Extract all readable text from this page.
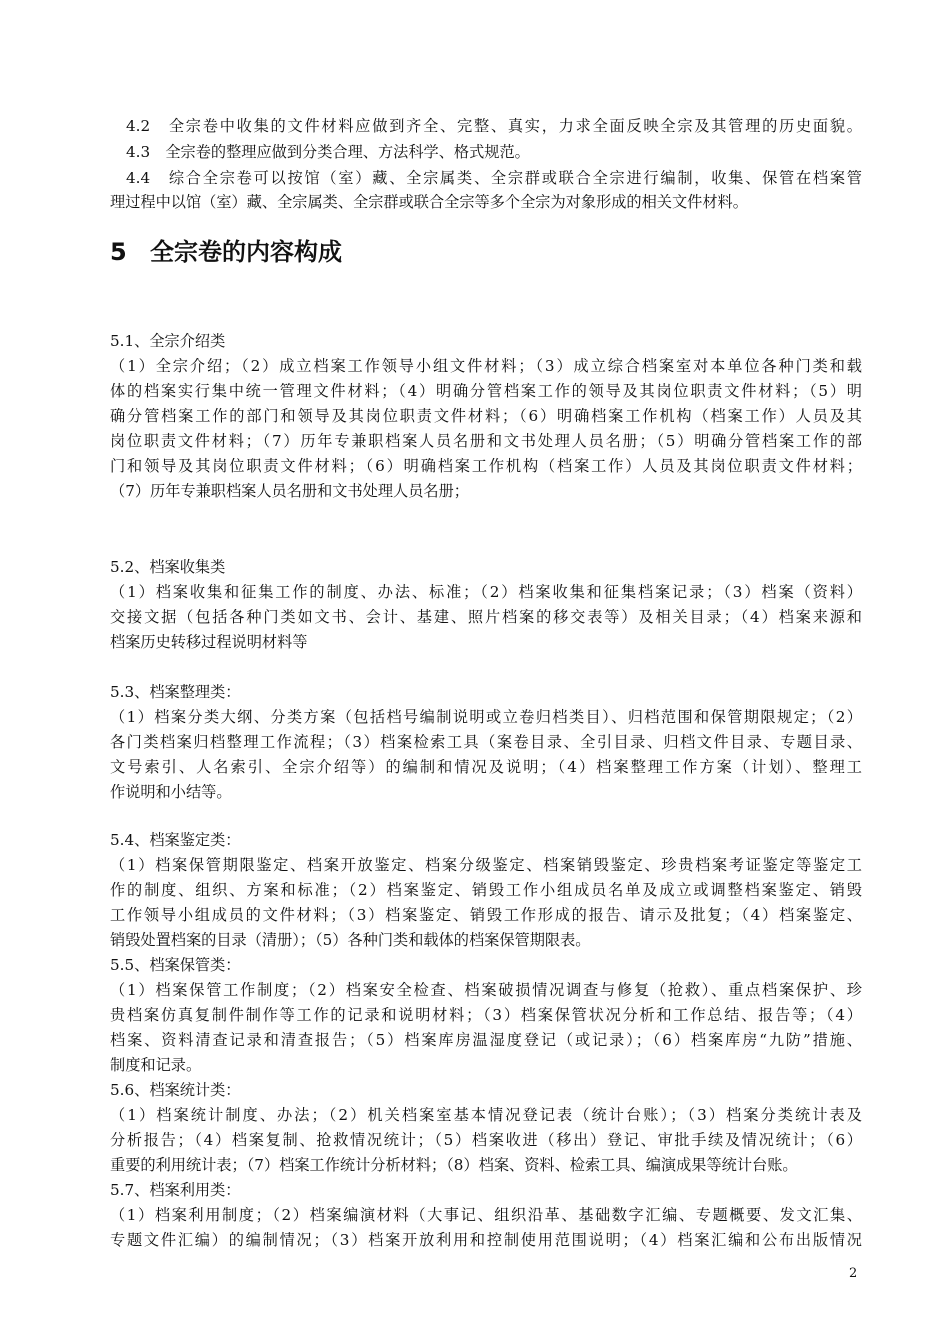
4.2　全宗卷中收集的文件材料应做到齐全、完整、真实，力求全面反映全宗及其管理的历史面貌。
4.3　全宗卷的整理应做到分类合理、方法科学、格式规范。
4.4　综合全宗卷可以按馆（室）藏、全宗属类、全宗群或联合全宗进行编制，收集、保管在档案管
理过程中以馆（室）藏、全宗属类、全宗群或联合全宗等多个全宗为对象形成的相关文件材料。
5 全宗卷的内容构成
5.1、全宗介绍类
（1）全宗介绍；（2）成立档案工作领导小组文件材料；（3）成立综合档案室对本单位各种门类和载
体的档案实行集中统一管理文件材料；（4）明确分管档案工作的领导及其岗位职责文件材料；（5）明
确分管档案工作的部门和领导及其岗位职责文件材料；（6）明确档案工作机构（档案工作）人员及其
岗位职责文件材料；（7）历年专兼职档案人员名册和文书处理人员名册；（5）明确分管档案工作的部
门和领导及其岗位职责文件材料；（6）明确档案工作机构（档案工作）人员及其岗位职责文件材料；
（7）历年专兼职档案人员名册和文书处理人员名册；
5.2、档案收集类
（1）档案收集和征集工作的制度、办法、标准；（2）档案收集和征集档案记录；（3）档案（资料）
交接文据（包括各种门类如文书、会计、基建、照片档案的移交表等）及相关目录；（4）档案来源和
档案历史转移过程说明材料等
5.3、档案整理类：
（1）档案分类大纲、分类方案（包括档号编制说明或立卷归档类目）、归档范围和保管期限规定；（2）
各门类档案归档整理工作流程；（3）档案检索工具（案卷目录、全引目录、归档文件目录、专题目录、
文号索引、人名索引、全宗介绍等）的编制和情况及说明；（4）档案整理工作方案（计划）、整理工
作说明和小结等。
5.4、档案鉴定类：
（1）档案保管期限鉴定、档案开放鉴定、档案分级鉴定、档案销毁鉴定、珍贵档案考证鉴定等鉴定工
作的制度、组织、方案和标准；（2）档案鉴定、销毁工作小组成员名单及成立或调整档案鉴定、销毁
工作领导小组成员的文件材料；（3）档案鉴定、销毁工作形成的报告、请示及批复；（4）档案鉴定、
销毁处置档案的目录（清册）；（5）各种门类和载体的档案保管期限表。
5.5、档案保管类：
（1）档案保管工作制度；（2）档案安全检查、档案破损情况调查与修复（抢救）、重点档案保护、珍
贵档案仿真复制件制作等工作的记录和说明材料；（3）档案保管状况分析和工作总结、报告等；（4）
档案、资料清查记录和清查报告；（5）档案库房温湿度登记（或记录）；（6）档案库房“九防”措施、
制度和记录。
5.6、档案统计类：
（1）档案统计制度、办法；（2）机关档案室基本情况登记表（统计台账）；（3）档案分类统计表及
分析报告；（4）档案复制、抢救情况统计；（5）档案收进（移出）登记、审批手续及情况统计；（6）
重要的利用统计表；（7）档案工作统计分析材料；（8）档案、资料、检索工具、编演成果等统计台账。
5.7、档案利用类：
（1）档案利用制度；（2）档案编演材料（大事记、组织沿革、基础数字汇编、专题概要、发文汇集、
专题文件汇编）的编制情况；（3）档案开放利用和控制使用范围说明；（4）档案汇编和公布出版情况
2
